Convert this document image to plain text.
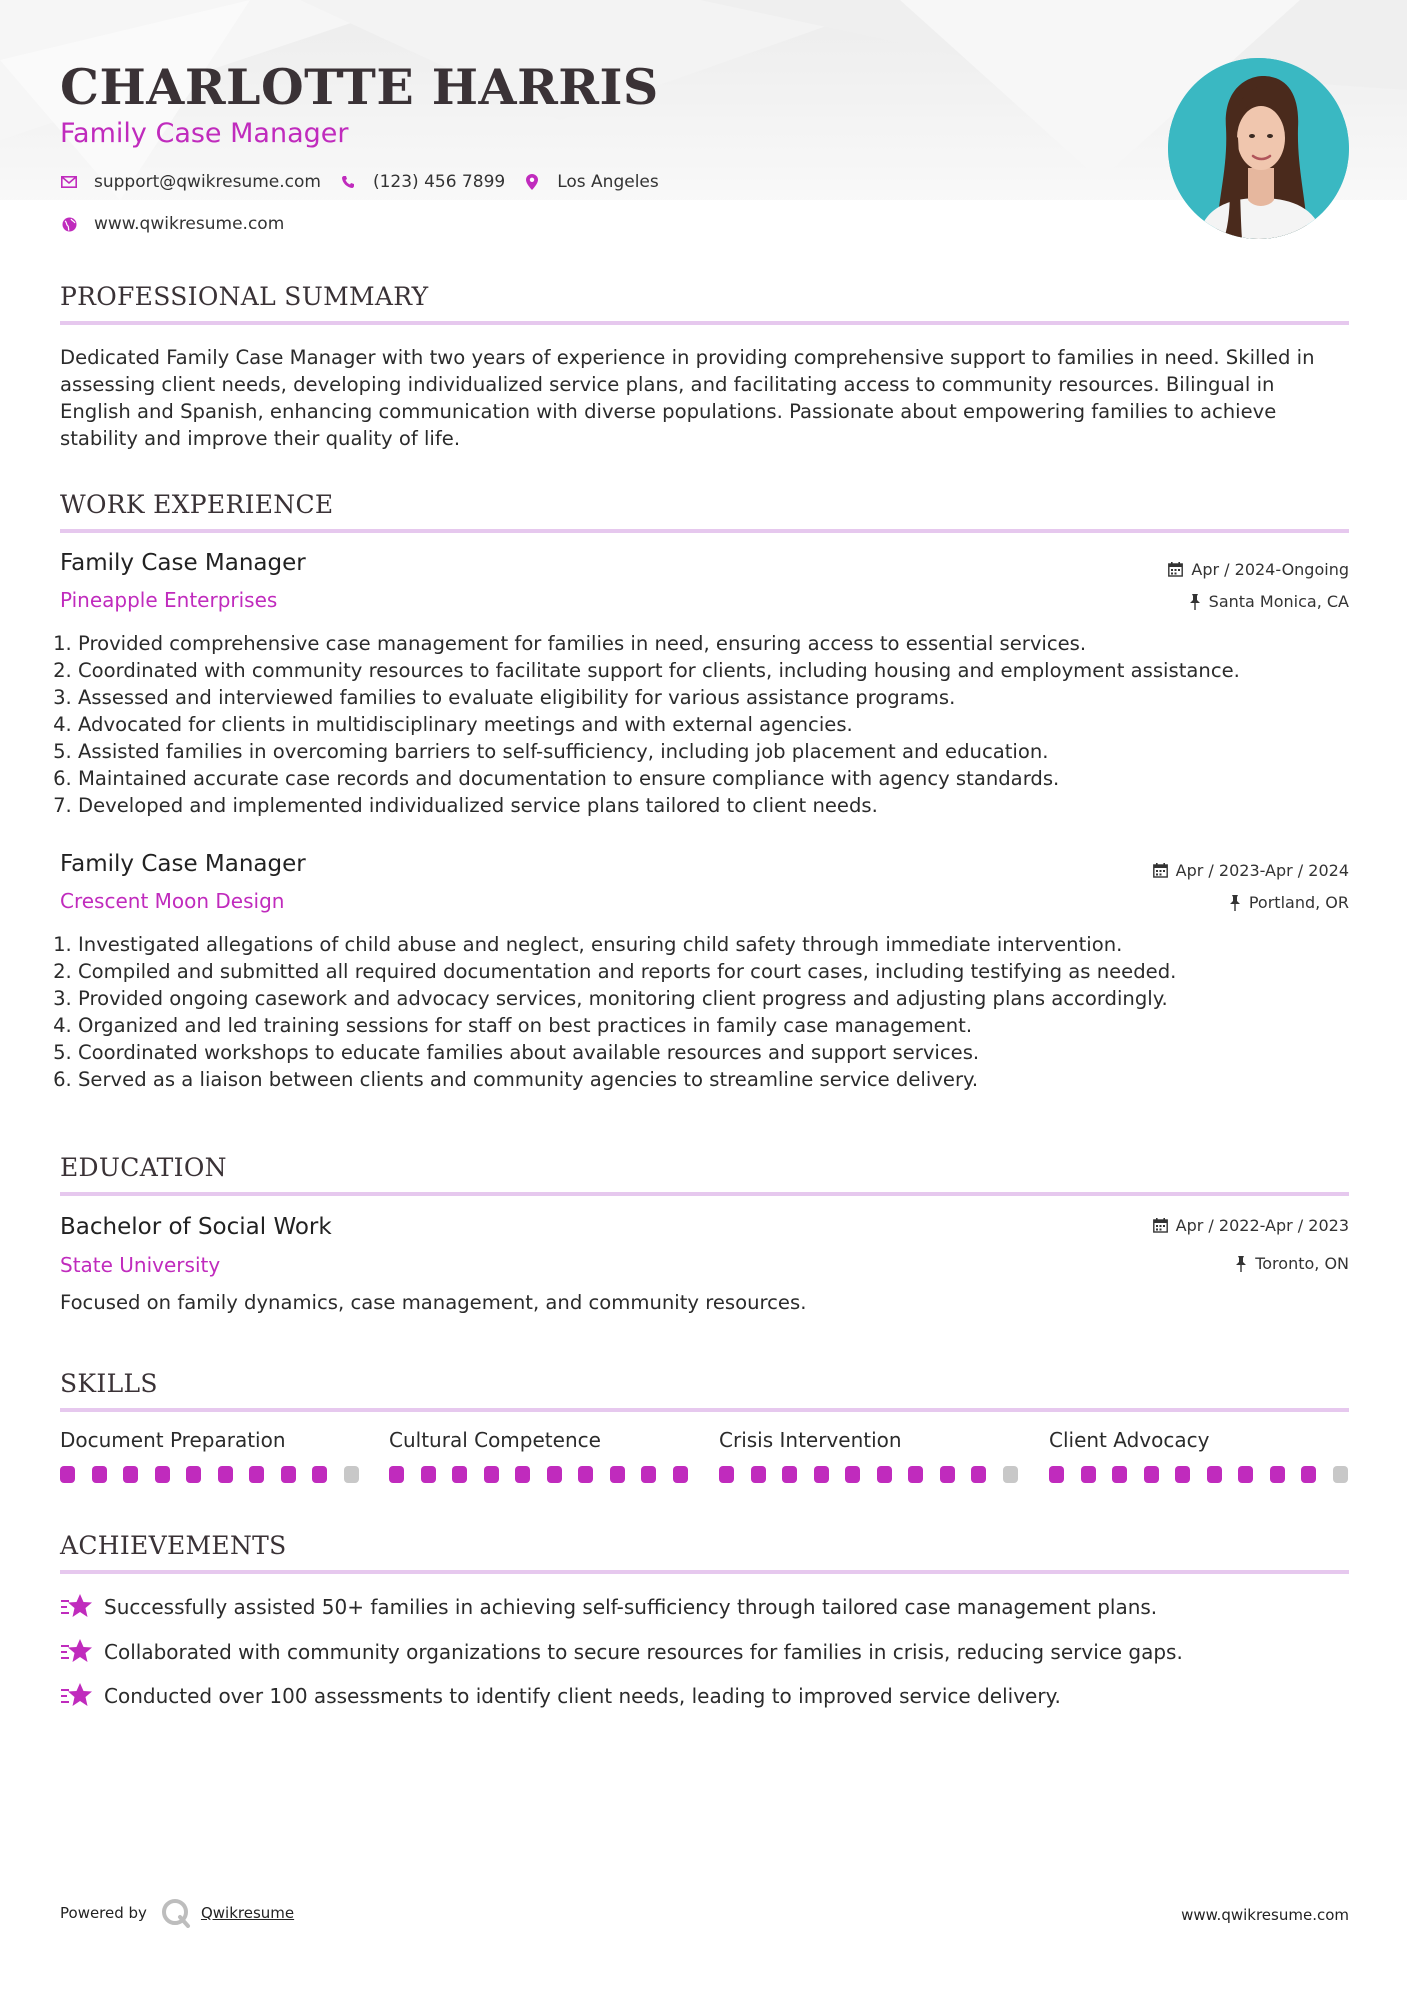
CHARLOTTE HARRIS
Family Case Manager
support@qwikresume.com	(123) 456 7899	Los Angeles
www.qwikresume.com
PROFESSIONAL SUMMARY
Dedicated Family Case Manager with two years of experience in providing comprehensive support to families in need. Skilled in assessing client needs, developing individualized service plans, and facilitating access to community resources. Bilingual in English and Spanish, enhancing communication with diverse populations. Passionate about empowering families to achieve stability and improve their quality of life.
WORK EXPERIENCE
Family Case Manager	Apr / 2024-Ongoing
Pineapple Enterprises	Santa Monica, CA
1. Provided comprehensive case management for families in need, ensuring access to essential services.
2. Coordinated with community resources to facilitate support for clients, including housing and employment assistance.
3. Assessed and interviewed families to evaluate eligibility for various assistance programs.
4. Advocated for clients in multidisciplinary meetings and with external agencies.
5. Assisted families in overcoming barriers to self-sufficiency, including job placement and education.
6. Maintained accurate case records and documentation to ensure compliance with agency standards.
7. Developed and implemented individualized service plans tailored to client needs.
Family Case Manager	Apr / 2023-Apr / 2024
Crescent Moon Design	Portland, OR
1. Investigated allegations of child abuse and neglect, ensuring child safety through immediate intervention.
2. Compiled and submitted all required documentation and reports for court cases, including testifying as needed.
3. Provided ongoing casework and advocacy services, monitoring client progress and adjusting plans accordingly.
4. Organized and led training sessions for staff on best practices in family case management.
5. Coordinated workshops to educate families about available resources and support services.
6. Served as a liaison between clients and community agencies to streamline service delivery.
EDUCATION
Bachelor of Social Work	Apr / 2022-Apr / 2023
State University	Toronto, ON
Focused on family dynamics, case management, and community resources.
SKILLS
Document Preparation	Cultural Competence	Crisis Intervention	Client Advocacy
ACHIEVEMENTS
Successfully assisted 50+ families in achieving self-sufficiency through tailored case management plans.
Collaborated with community organizations to secure resources for families in crisis, reducing service gaps.
Conducted over 100 assessments to identify client needs, leading to improved service delivery.
Powered by	Qwikresume	www.qwikresume.com
